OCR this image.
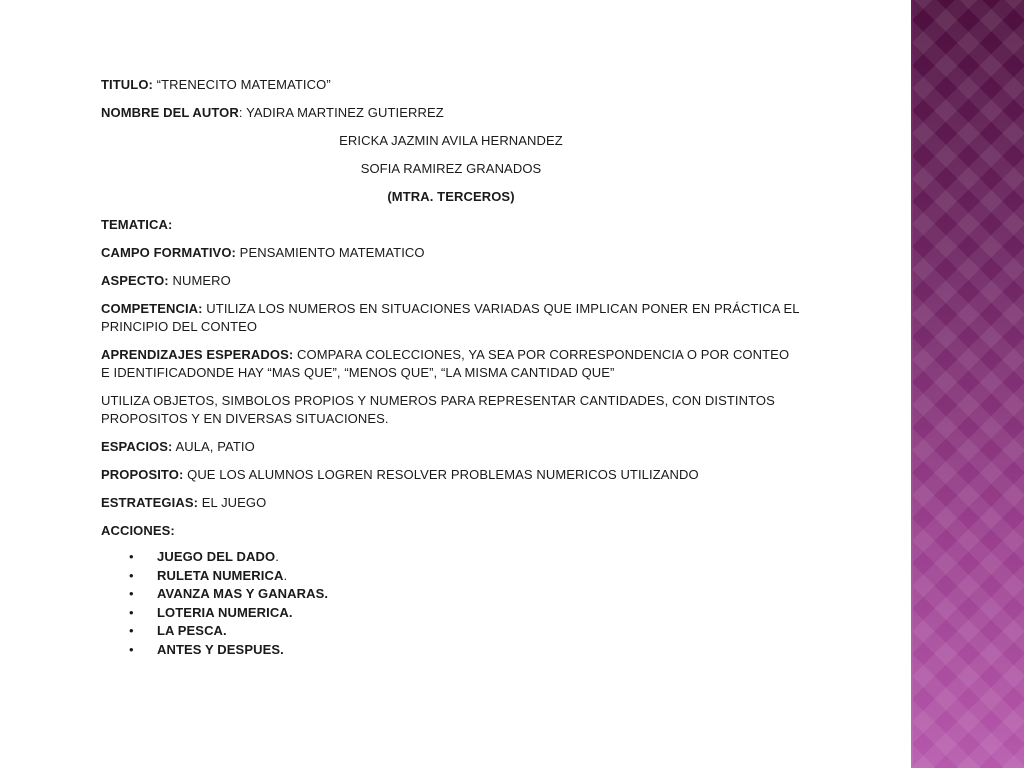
TITULO: “TRENECITO MATEMATICO”

NOMBRE DEL AUTOR: YADIRA MARTINEZ GUTIERREZ

ERICKA JAZMIN AVILA HERNANDEZ

SOFIA RAMIREZ GRANADOS

(MTRA. TERCEROS)

TEMATICA:

CAMPO FORMATIVO: PENSAMIENTO MATEMATICO

ASPECTO: NUMERO

COMPETENCIA: UTILIZA LOS NUMEROS EN SITUACIONES VARIADAS QUE IMPLICAN PONER EN PRÁCTICA EL PRINCIPIO DEL CONTEO

APRENDIZAJES ESPERADOS: COMPARA COLECCIONES, YA SEA POR CORRESPONDENCIA O POR CONTEO E IDENTIFICADONDE HAY “MAS QUE”, “MENOS QUE”, “LA MISMA CANTIDAD QUE”

UTILIZA OBJETOS, SIMBOLOS PROPIOS Y NUMEROS PARA REPRESENTAR CANTIDADES, CON DISTINTOS PROPOSITOS Y EN DIVERSAS SITUACIONES.

ESPACIOS: AULA, PATIO

PROPOSITO: QUE LOS ALUMNOS LOGREN RESOLVER PROBLEMAS NUMERICOS UTILIZANDO

ESTRATEGIAS: EL JUEGO

ACCIONES:

• JUEGO DEL DADO.
• RULETA NUMERICA.
• AVANZA MAS Y GANARAS.
• LOTERIA NUMERICA.
• LA PESCA.
• ANTES Y DESPUES.
